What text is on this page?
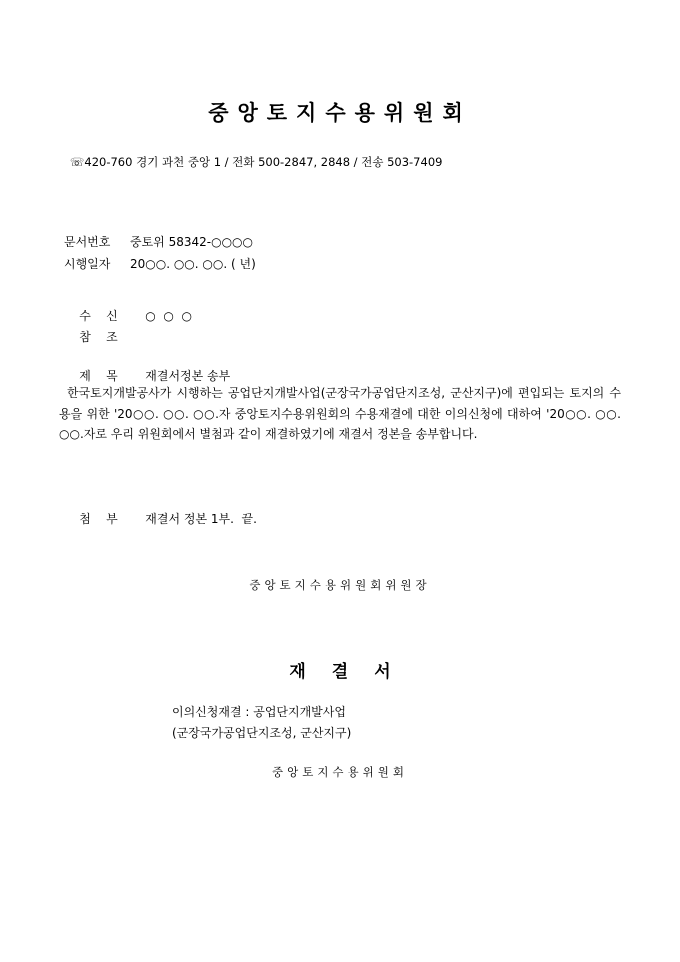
중앙토지수용위원회
☏420-760 경기 과천 중앙 1 / 전화 500-2847, 2848 / 전송 503-7409
문서번호 중토위 58342-○○○○
시행일자 20○○. ○○. ○○. ( 년)

수    신 ○  ○  ○

참    조

제    목 재결서정본 송부

한국토지개발공사가 시행하는 공업단지개발사업(군장국가공업단지조성, 군산지구)에 편입되는 토지의 수용을 위한 '20○○. ○○. ○○.자 중앙토지수용위원회의 수용재결에 대한 이의신청에 대하여 '20○○. ○○. ○○.자로 우리 위원회에서 별첨과 같이 재결하였기에 재결서 정본을 송부합니다.

첨    부 재결서 정본 1부.  끝.

중앙토지수용위원회위원장
재결서
이의신청재결 : 공업단지개발사업
(군장국가공업단지조성, 군산지구)
중앙토지수용위원회
